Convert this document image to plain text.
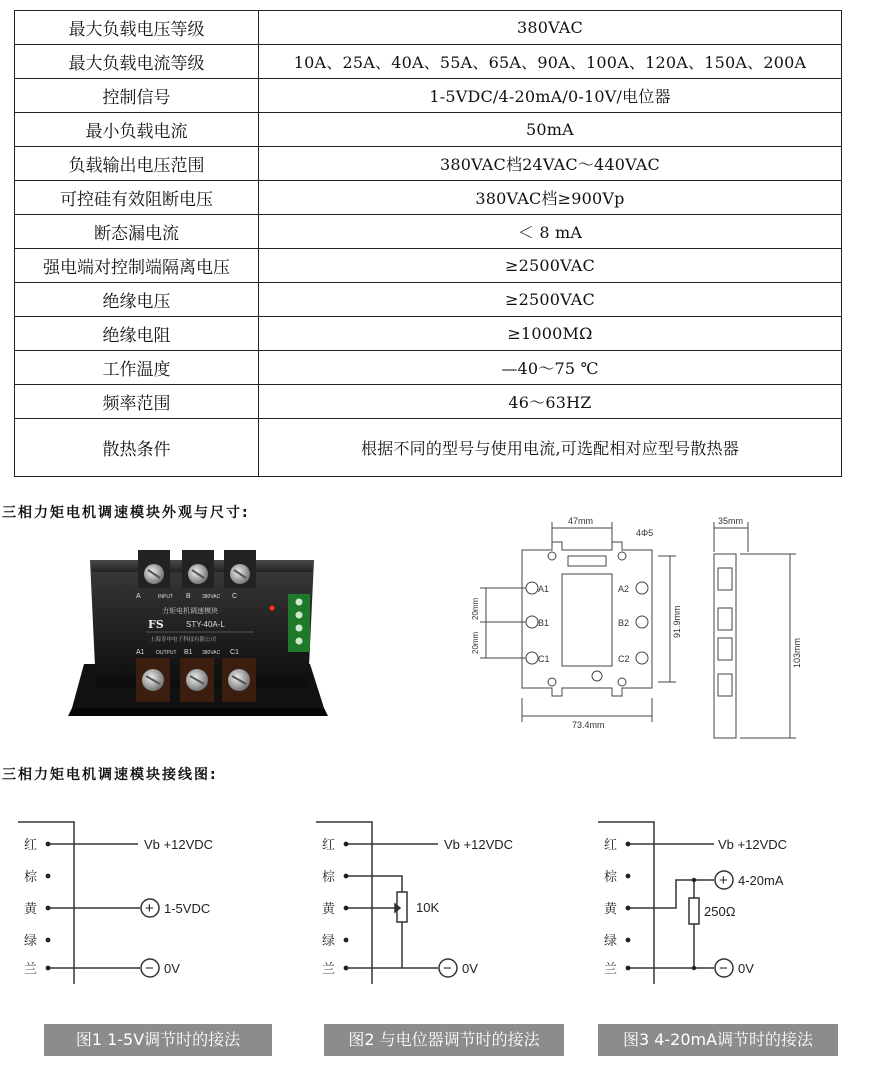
最大负载电压等级	380VAC
最大负载电流等级	10A、25A、40A、55A、65A、90A、100A、120A、150A、200A
控制信号	1-5VDC/4-20mA/0-10V/电位器
最小负载电流	50mA
负载输出电压范围	380VAC档24VAC～440VAC
可控硅有效阻断电压	380VAC档≥900Vp
断态漏电流	＜ 8 mA
强电端对控制端隔离电压	≥2500VAC
绝缘电压	≥2500VAC
绝缘电阻	≥1000MΩ
工作温度	—40～75 ℃
频率范围	46～63HZ
散热条件	根据不同的型号与使用电流,可选配相对应型号散热器
三相力矩电机调速模块外观与尺寸:
A	INPUT B 380VAC C
力矩电机调速模块
FS	STY-40A-L
上海寿申电子科技有限公司
A1 OUTPUT B1 380VAC C1
47mm
4Φ5
35mm
73.4mm
A1
B1
C1
A2
B2
C2
91.9mm
103mm
20mm
20mm
三相力矩电机调速模块接线图:
红
棕
黄
绿
兰
Vb +12VDC
+ 1-5VDC
− 0V
红
棕
黄
绿
兰
Vb +12VDC
10K
− 0V
红
棕
黄
绿
兰
Vb +12VDC
+ 4-20mA
250Ω
− 0V
图1 1-5V调节时的接法	图2 与电位器调节时的接法	图3 4-20mA调节时的接法
